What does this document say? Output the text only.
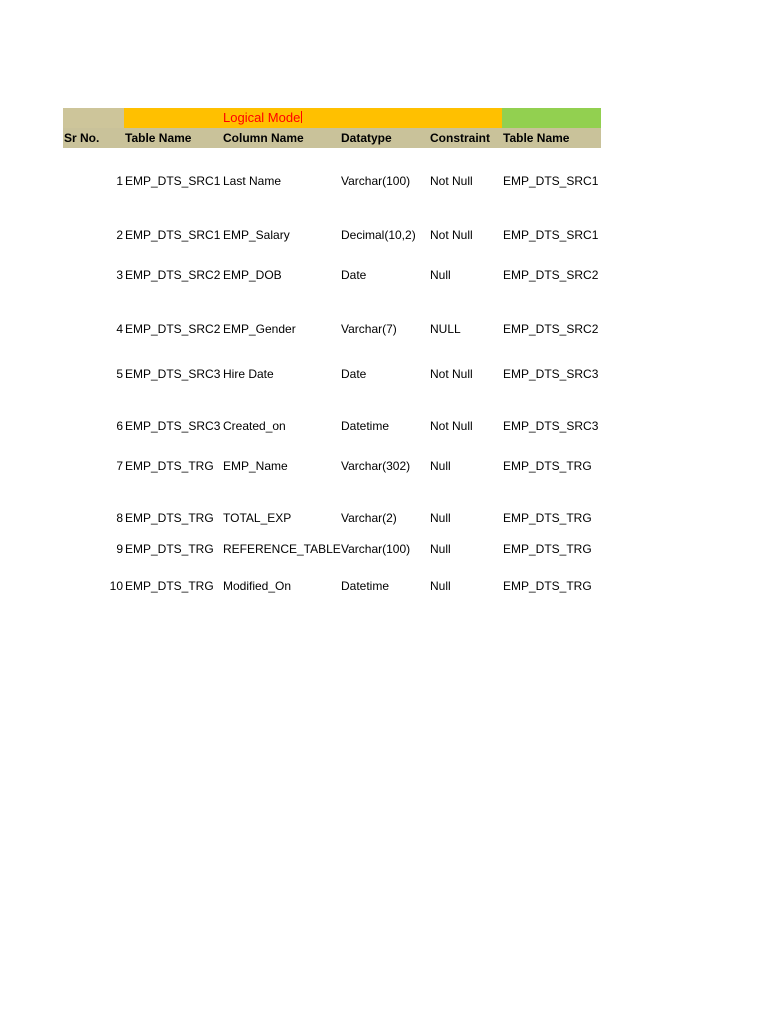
Logical Mode
Sr No. Table Name	Column Name	Datatype	Constraint Table Name
1 EMP_DTS_SRC1 Last Name	Varchar(100) Not Null	EMP_DTS_SRC1
2 EMP_DTS_SRC1 EMP_Salary	Decimal(10,2) Not Null	EMP_DTS_SRC1
3 EMP_DTS_SRC2 EMP_DOB	Date	Null	EMP_DTS_SRC2
4 EMP_DTS_SRC2 EMP_Gender	Varchar(7)	NULL	EMP_DTS_SRC2
5 EMP_DTS_SRC3 Hire Date	Date	Not Null	EMP_DTS_SRC3
6 EMP_DTS_SRC3 Created_on	Datetime	Not Null	EMP_DTS_SRC3
7 EMP_DTS_TRG EMP_Name	Varchar(302) Null	EMP_DTS_TRG
8 EMP_DTS_TRG TOTAL_EXP	Varchar(2)	Null	EMP_DTS_TRG
9 EMP_DTS_TRG REFERENCE_TABLE Varchar(100) Null	EMP_DTS_TRG
10 EMP_DTS_TRG Modified_On	Datetime	Null	EMP_DTS_TRG
